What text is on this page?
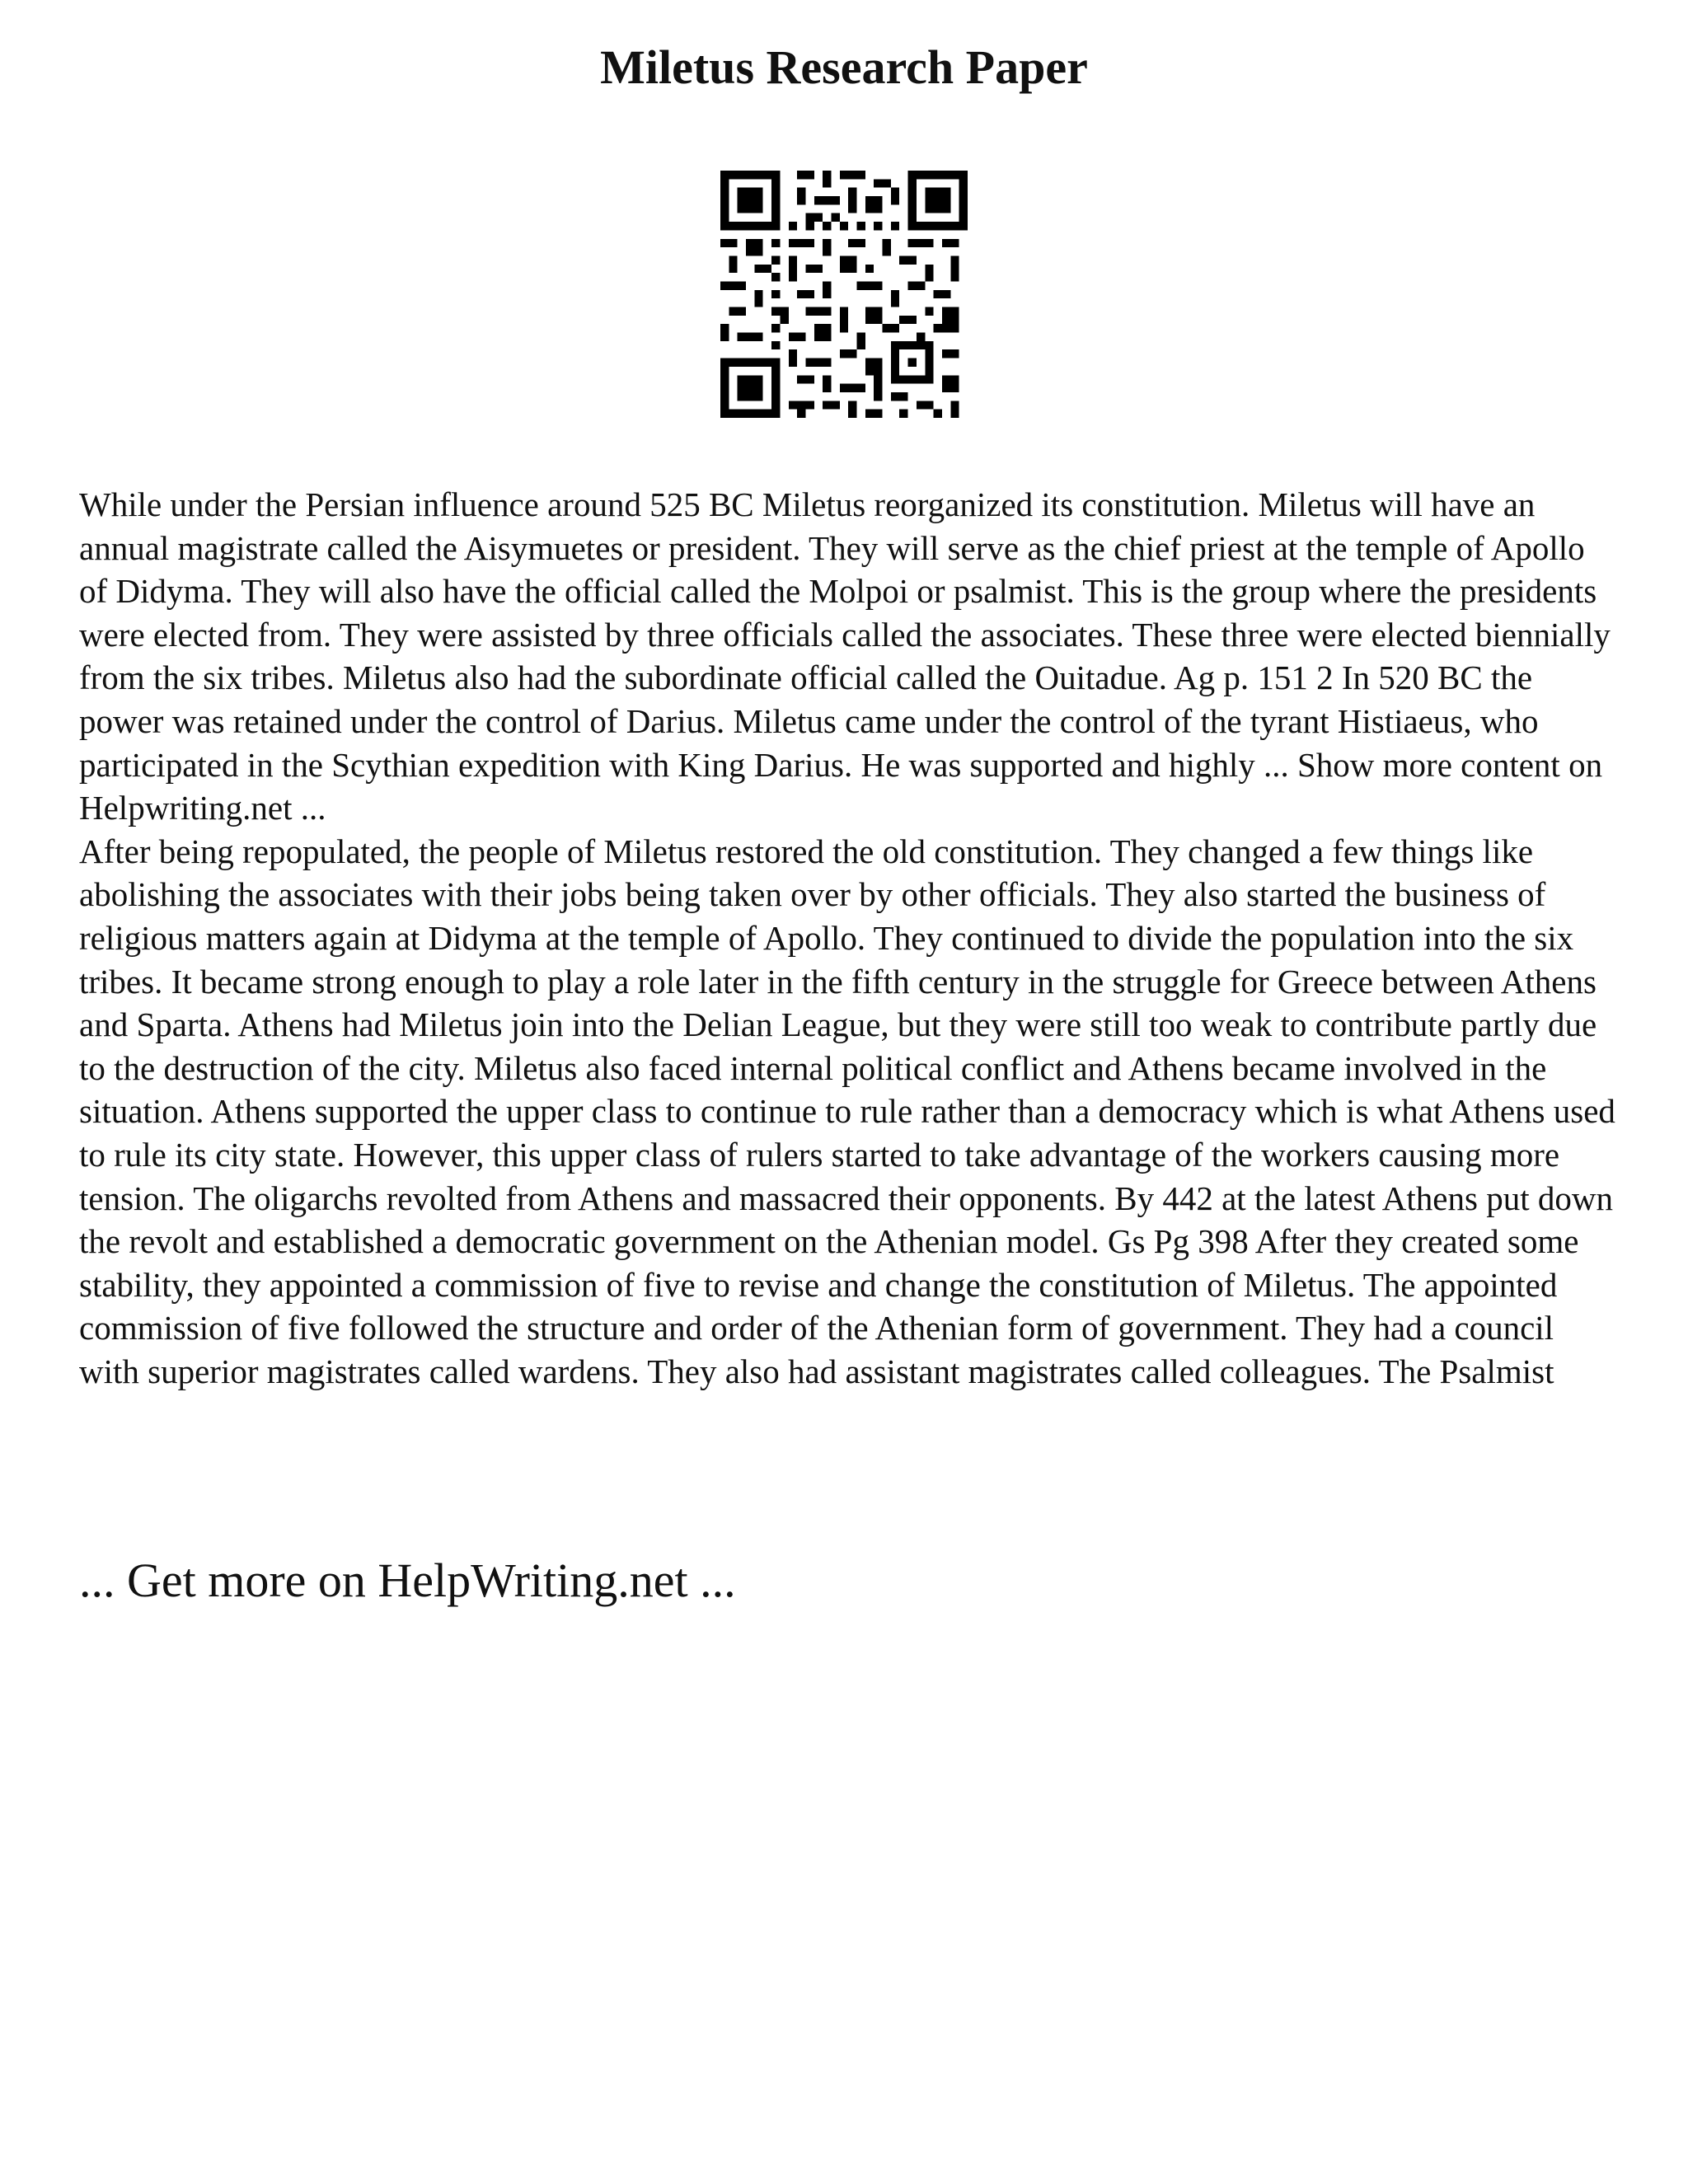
Miletus Research Paper

While under the Persian influence around 525 BC Miletus reorganized its constitution. Miletus will have an annual magistrate called the Aisymuetes or president. They will serve as the chief priest at the temple of Apollo of Didyma. They will also have the official called the Molpoi or psalmist. This is the group where the presidents were elected from. They were assisted by three officials called the associates. These three were elected biennially from the six tribes. Miletus also had the subordinate official called the Ouitadue. Ag p. 151 2 In 520 BC the power was retained under the control of Darius. Miletus came under the control of the tyrant Histiaeus, who participated in the Scythian expedition with King Darius. He was supported and highly ... Show more content on Helpwriting.net ...

After being repopulated, the people of Miletus restored the old constitution. They changed a few things like abolishing the associates with their jobs being taken over by other officials. They also started the business of religious matters again at Didyma at the temple of Apollo. They continued to divide the population into the six tribes. It became strong enough to play a role later in the fifth century in the struggle for Greece between Athens and Sparta. Athens had Miletus join into the Delian League, but they were still too weak to contribute partly due to the destruction of the city. Miletus also faced internal political conflict and Athens became involved in the situation. Athens supported the upper class to continue to rule rather than a democracy which is what Athens used to rule its city state. However, this upper class of rulers started to take advantage of the workers causing more tension. The oligarchs revolted from Athens and massacred their opponents. By 442 at the latest Athens put down the revolt and established a democratic government on the Athenian model. Gs Pg 398 After they created some stability, they appointed a commission of five to revise and change the constitution of Miletus. The appointed commission of five followed the structure and order of the Athenian form of government. They had a council with superior magistrates called wardens. They also had assistant magistrates called colleagues. The Psalmist

... Get more on HelpWriting.net ...
